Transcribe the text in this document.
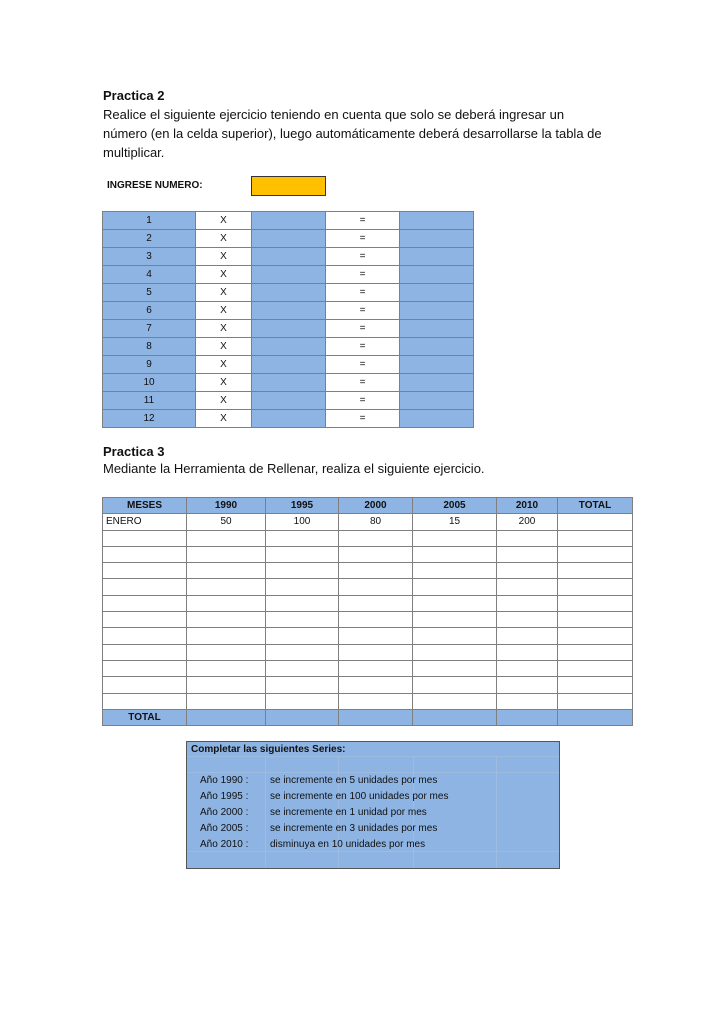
Practica 2
Realice el siguiente ejercicio teniendo en cuenta que solo se deberá ingresar un
número (en la celda superior), luego automáticamente deberá desarrollarse la tabla de
multiplicar.
INGRESE NUMERO:
1	X		=	
2	X		=	
3	X		=	
4	X		=	
5	X		=	
6	X		=	
7	X		=	
8	X		=	
9	X		=	
10	X		=	
11	X		=	
12	X		=	
Practica 3
Mediante la Herramienta de Rellenar, realiza el siguiente ejercicio.
MESES	1990	1995	2000	2005	2010	TOTAL
ENERO	50	100	80	15	200	

TOTAL						
Completar las siguientes Series:
Año 1990 : se incremente en 5 unidades por mes
Año 1995 : se incremente en 100 unidades por mes
Año 2000 : se incremente en 1 unidad por mes
Año 2005 : se incremente en 3 unidades por mes
Año 2010 : disminuya en 10 unidades por mes
